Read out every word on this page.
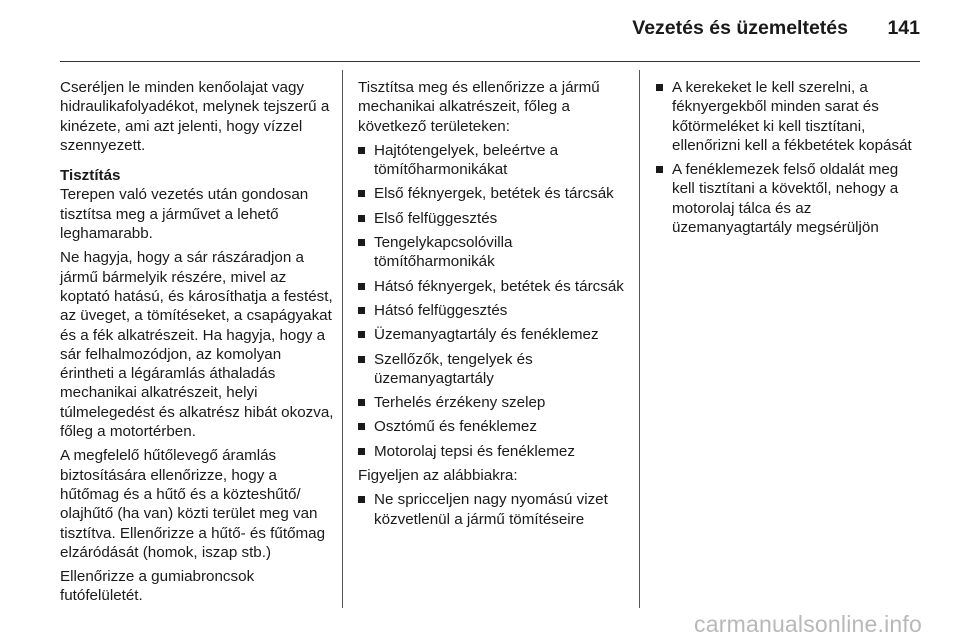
Vezetés és üzemeltetés 141

Cseréljen le minden kenőolajat vagy hidraulikafolyadékot, melynek tejszerű a kinézete, ami azt jelenti, hogy vízzel szennyezett.

Tisztítás

Terepen való vezetés után gondosan tisztítsa meg a járművet a lehető leghamarabb.

Ne hagyja, hogy a sár rászáradjon a jármű bármelyik részére, mivel az koptató hatású, és károsíthatja a festést, az üveget, a tömítéseket, a csapágyakat és a fék alkatrészeit. Ha hagyja, hogy a sár felhalmozódjon, az komolyan érintheti a légáramlás áthaladás mechanikai alkatrészeit, helyi túlmelegedést és alkatrész hibát okozva, főleg a motortérben.

A megfelelő hűtőlevegő áramlás biztosítására ellenőrizze, hogy a hűtőmag és a hűtő és a közteshűtő/ olajhűtő (ha van) közti terület meg van tisztítva. Ellenőrizze a hűtő- és fűtőmag elzáródását (homok, iszap stb.)

Ellenőrizze a gumiabroncsok futófelületét.

Tisztítsa meg és ellenőrizze a jármű mechanikai alkatrészeit, főleg a következő területeken:

Hajtótengelyek, beleértve a tömítőharmonikákat
Első féknyergek, betétek és tárcsák
Első felfüggesztés
Tengelykapcsolóvilla tömítőharmonikák
Hátsó féknyergek, betétek és tárcsák
Hátsó felfüggesztés
Üzemanyagtartály és fenéklemez
Szellőzők, tengelyek és üzemanyagtartály
Terhelés érzékeny szelep
Osztómű és fenéklemez
Motorolaj tepsi és fenéklemez

Figyeljen az alábbiakra:

Ne spricceljen nagy nyomású vizet közvetlenül a jármű tömítéseire
A kerekeket le kell szerelni, a féknyergekből minden sarat és kőtörmeléket ki kell tisztítani, ellenőrizni kell a fékbetétek kopását
A fenéklemezek felső oldalát meg kell tisztítani a kövektől, nehogy a motorolaj tálca és az üzemanyagtartály megsérüljön
carmanualsonline.info
